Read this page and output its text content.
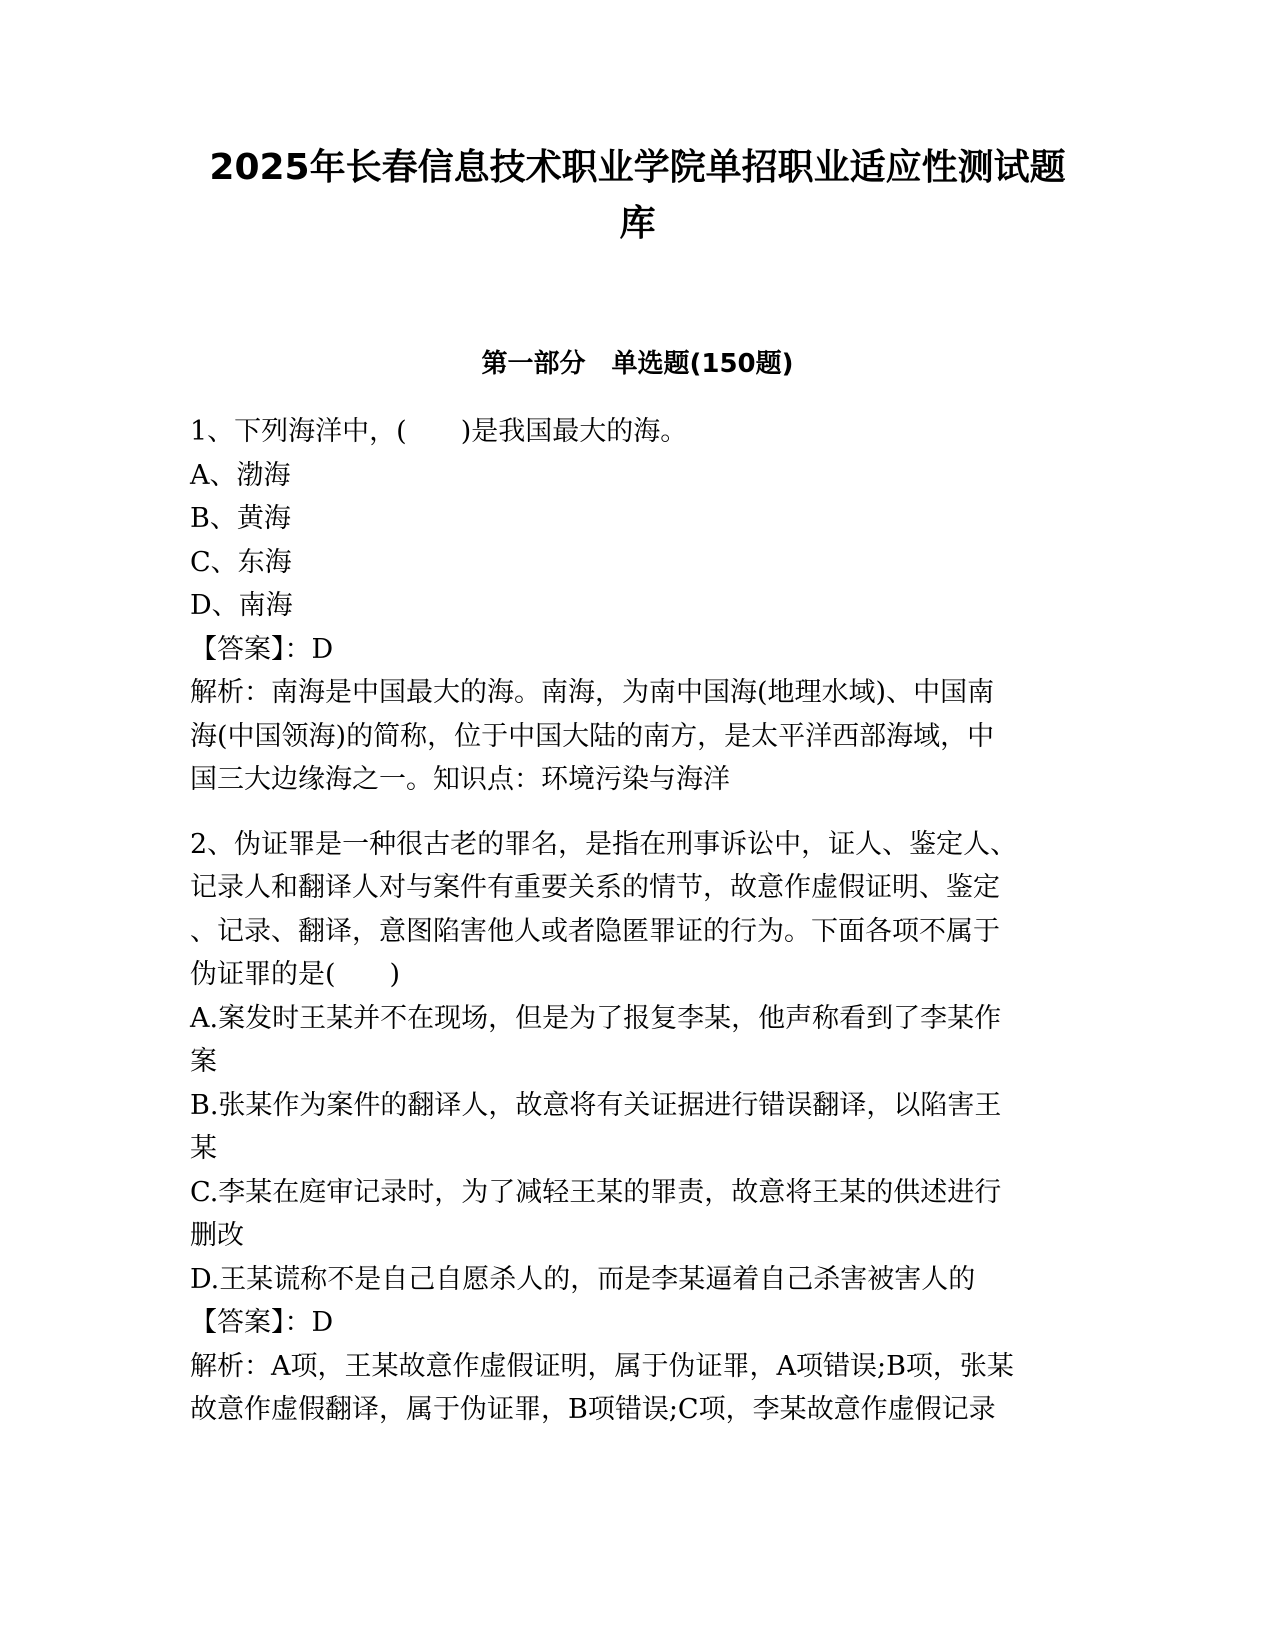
2025年长春信息技术职业学院单招职业适应性测试题
库
第一部分　单选题(150题)
1、下列海洋中，(　　)是我国最大的海。
A、渤海
B、黄海
C、东海
D、南海
【答案】：D
解析：南海是中国最大的海。南海，为南中国海(地理水域)、中国南
海(中国领海)的简称，位于中国大陆的南方，是太平洋西部海域，中
国三大边缘海之一。知识点：环境污染与海洋
2、伪证罪是一种很古老的罪名，是指在刑事诉讼中，证人、鉴定人、
记录人和翻译人对与案件有重要关系的情节，故意作虚假证明、鉴定
、记录、翻译，意图陷害他人或者隐匿罪证的行为。下面各项不属于
伪证罪的是(　　)
A.案发时王某并不在现场，但是为了报复李某，他声称看到了李某作
案
B.张某作为案件的翻译人，故意将有关证据进行错误翻译，以陷害王
某
C.李某在庭审记录时，为了减轻王某的罪责，故意将王某的供述进行
删改
D.王某谎称不是自己自愿杀人的，而是李某逼着自己杀害被害人的
【答案】：D
解析：A项，王某故意作虚假证明，属于伪证罪，A项错误;B项，张某
故意作虚假翻译，属于伪证罪，B项错误;C项，李某故意作虚假记录
